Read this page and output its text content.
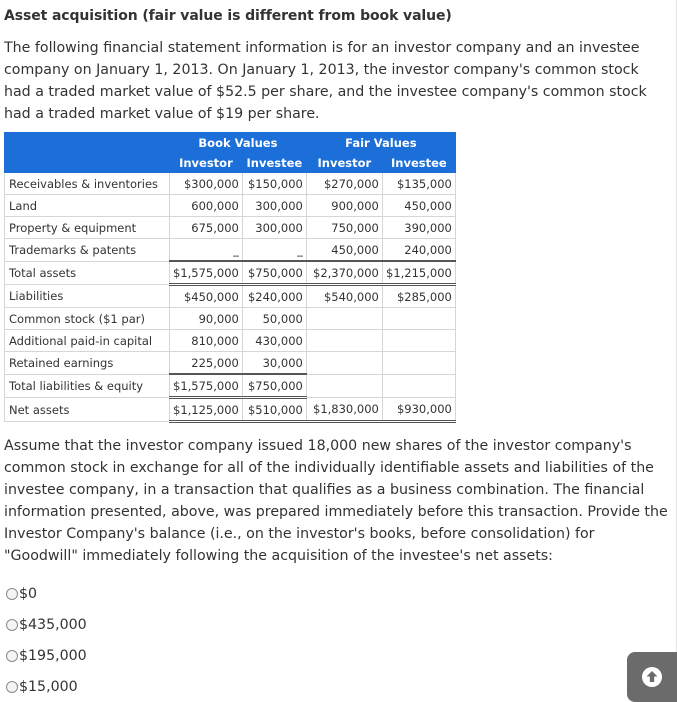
Asset acquisition (fair value is different from book value)
The following financial statement information is for an investor company and an investee company on January 1, 2013. On January 1, 2013, the investor company's common stock had a traded market value of $52.5 per share, and the investee company's common stock had a traded market value of $19 per share.
	Book Values		Fair Values	
	Investor	Investee	Investor	Investee
Receivables & inventories	$300,000	$150,000	$270,000	$135,000
Land	600,000	300,000	900,000	450,000
Property & equipment	675,000	300,000	750,000	390,000
Trademarks & patents	_	_	450,000	240,000
Total assets	$1,575,000	$750,000	$2,370,000	$1,215,000
Liabilities	$450,000	$240,000	$540,000	$285,000
Common stock ($1 par)	90,000	50,000		
Additional paid-in capital	810,000	430,000		
Retained earnings	225,000	30,000		
Total liabilities & equity	$1,575,000	$750,000		
Net assets	$1,125,000	$510,000	$1,830,000	$930,000
Assume that the investor company issued 18,000 new shares of the investor company's common stock in exchange for all of the individually identifiable assets and liabilities of the investee company, in a transaction that qualifies as a business combination. The financial information presented, above, was prepared immediately before this transaction. Provide the Investor Company's balance (i.e., on the investor's books, before consolidation) for "Goodwill" immediately following the acquisition of the investee's net assets:
$0
$435,000
$195,000
$15,000
